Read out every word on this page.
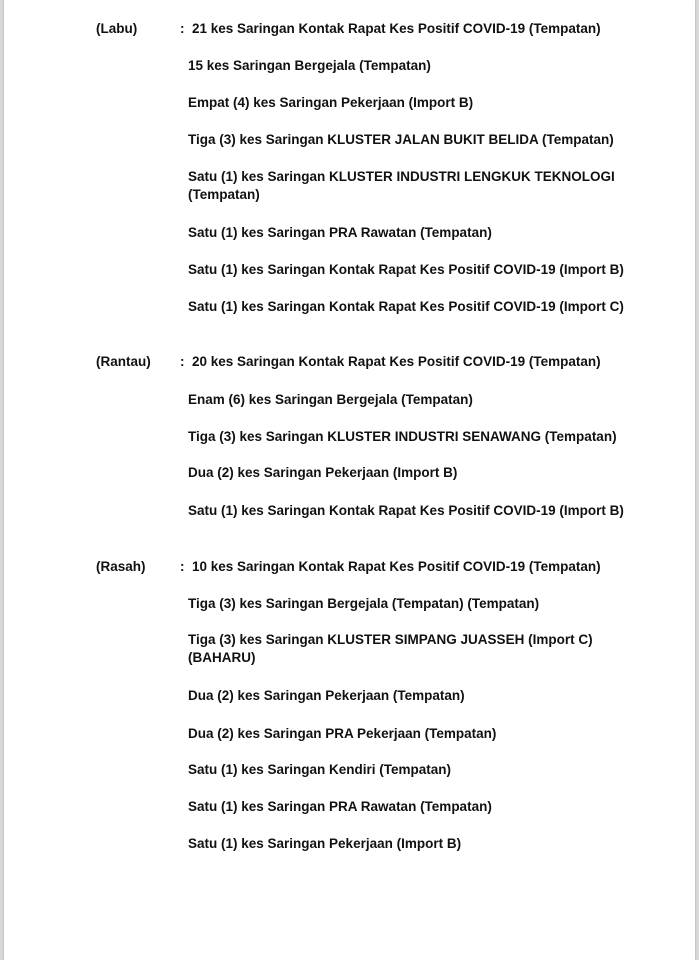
(Labu)	: 21 kes Saringan Kontak Rapat Kes Positif COVID-19 (Tempatan)
15 kes Saringan Bergejala (Tempatan)
Empat (4) kes Saringan Pekerjaan (Import B)
Tiga (3) kes Saringan KLUSTER JALAN BUKIT BELIDA (Tempatan)
Satu (1) kes Saringan KLUSTER INDUSTRI LENGKUK TEKNOLOGI (Tempatan)
Satu (1) kes Saringan PRA Rawatan (Tempatan)
Satu (1) kes Saringan Kontak Rapat Kes Positif COVID-19 (Import B)
Satu (1) kes Saringan Kontak Rapat Kes Positif COVID-19 (Import C)
(Rantau) : 20 kes Saringan Kontak Rapat Kes Positif COVID-19 (Tempatan)
Enam (6) kes Saringan Bergejala (Tempatan)
Tiga (3) kes Saringan KLUSTER INDUSTRI SENAWANG (Tempatan)
Dua (2) kes Saringan Pekerjaan (Import B)
Satu (1) kes Saringan Kontak Rapat Kes Positif COVID-19 (Import B)
(Rasah)	: 10 kes Saringan Kontak Rapat Kes Positif COVID-19 (Tempatan)
Tiga (3) kes Saringan Bergejala (Tempatan) (Tempatan)
Tiga (3) kes Saringan KLUSTER SIMPANG JUASSEH (Import C) (BAHARU)
Dua (2) kes Saringan Pekerjaan (Tempatan)
Dua (2) kes Saringan PRA Pekerjaan (Tempatan)
Satu (1) kes Saringan Kendiri (Tempatan)
Satu (1) kes Saringan PRA Rawatan (Tempatan)
Satu (1) kes Saringan Pekerjaan (Import B)
